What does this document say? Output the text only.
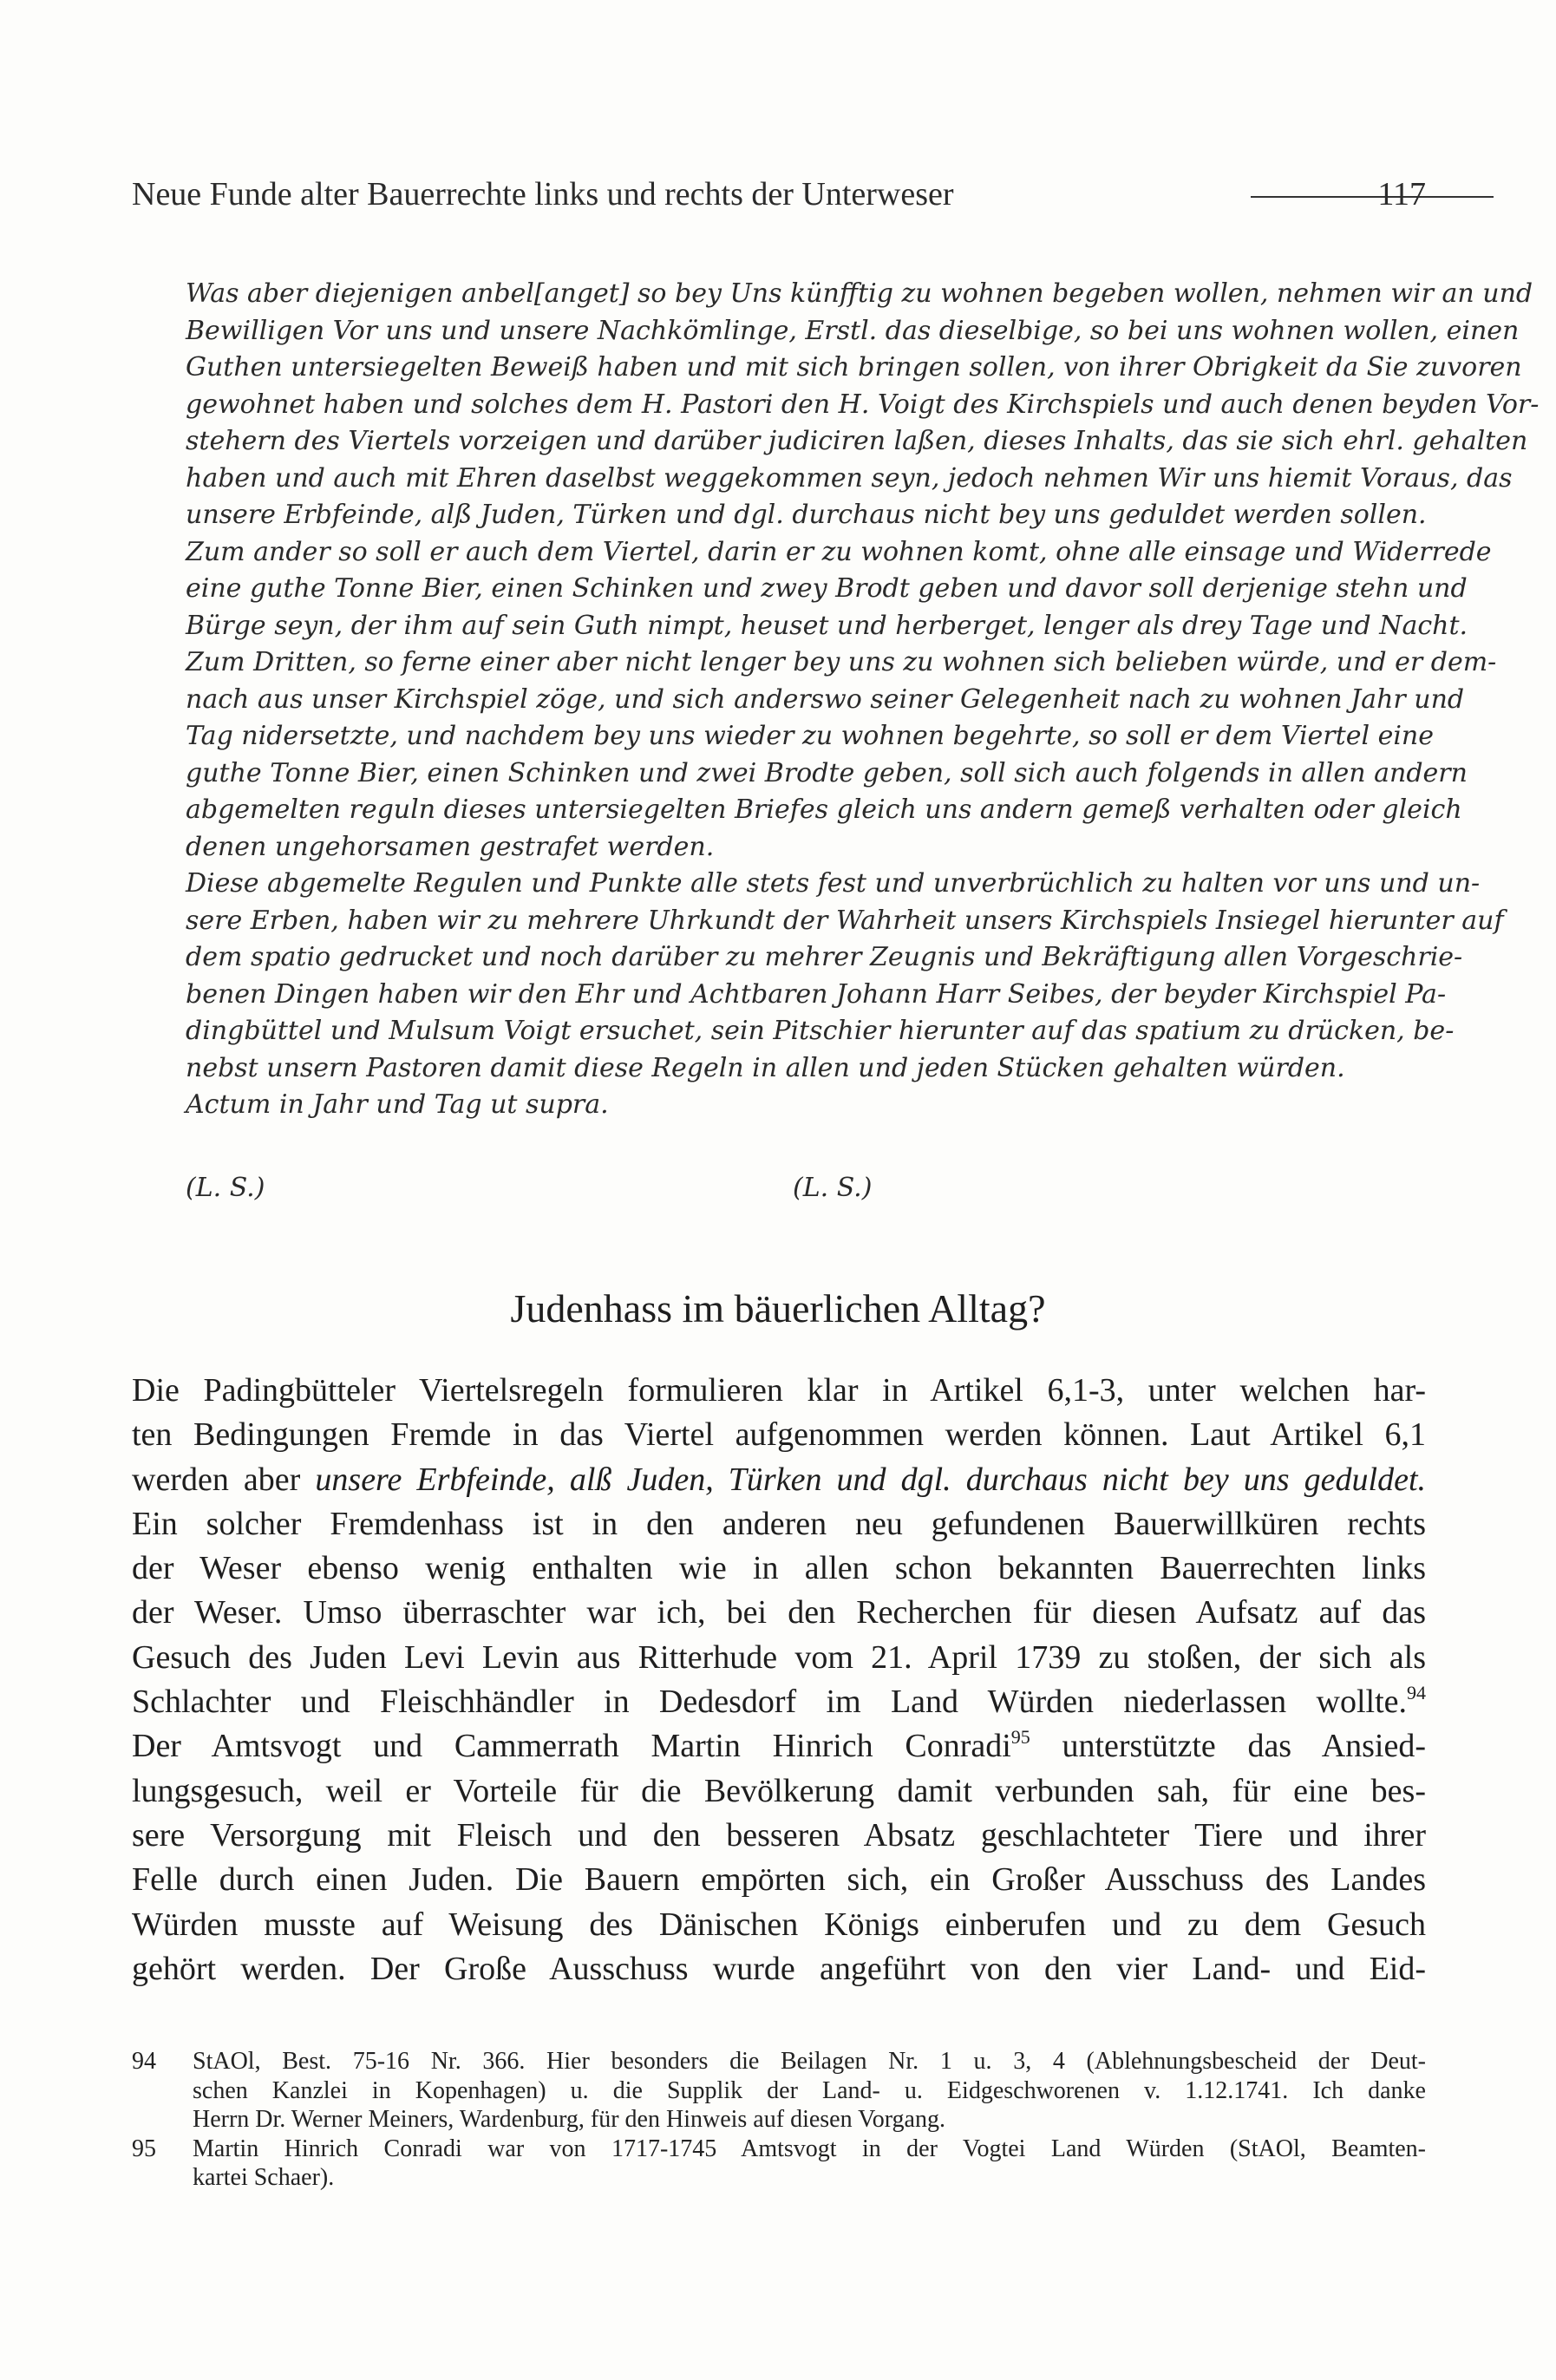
Neue Funde alter Bauerrechte links und rechts der Unterweser	117
Was aber diejenigen anbel[anget] so bey Uns künfftig zu wohnen begeben wollen, nehmen wir an und
Bewilligen Vor uns und unsere Nachkömlinge, Erstl. das dieselbige, so bei uns wohnen wollen, einen
Guthen untersiegelten Beweiß haben und mit sich bringen sollen, von ihrer Obrigkeit da Sie zuvoren
gewohnet haben und solches dem H. Pastori den H. Voigt des Kirchspiels und auch denen beyden Vor-
stehern des Viertels vorzeigen und darüber judiciren laßen, dieses Inhalts, das sie sich ehrl. gehalten
haben und auch mit Ehren daselbst weggekommen seyn, jedoch nehmen Wir uns hiemit Voraus, das
unsere Erbfeinde, alß Juden, Türken und dgl. durchaus nicht bey uns geduldet werden sollen.
Zum ander so soll er auch dem Viertel, darin er zu wohnen komt, ohne alle einsage und Widerrede
eine guthe Tonne Bier, einen Schinken und zwey Brodt geben und davor soll derjenige stehn und
Bürge seyn, der ihm auf sein Guth nimpt, heuset und herberget, lenger als drey Tage und Nacht.
Zum Dritten, so ferne einer aber nicht lenger bey uns zu wohnen sich belieben würde, und er dem-
nach aus unser Kirchspiel zöge, und sich anderswo seiner Gelegenheit nach zu wohnen Jahr und
Tag nidersetzte, und nachdem bey uns wieder zu wohnen begehrte, so soll er dem Viertel eine
guthe Tonne Bier, einen Schinken und zwei Brodte geben, soll sich auch folgends in allen andern
abgemelten reguln dieses untersiegelten Briefes gleich uns andern gemeß verhalten oder gleich
denen ungehorsamen gestrafet werden.
Diese abgemelte Regulen und Punkte alle stets fest und unverbrüchlich zu halten vor uns und un-
sere Erben, haben wir zu mehrere Uhrkundt der Wahrheit unsers Kirchspiels Insiegel hierunter auf
dem spatio gedrucket und noch darüber zu mehrer Zeugnis und Bekräftigung allen Vorgeschrie-
benen Dingen haben wir den Ehr und Achtbaren Johann Harr Seibes, der beyder Kirchspiel Pa-
dingbüttel und Mulsum Voigt ersuchet, sein Pitschier hierunter auf das spatium zu drücken, be-
nebst unsern Pastoren damit diese Regeln in allen und jeden Stücken gehalten würden.
Actum in Jahr und Tag ut supra.
(L. S.)	(L. S.)
Judenhass im bäuerlichen Alltag?
Die Padingbütteler Viertelsregeln formulieren klar in Artikel 6,1-3, unter welchen har-
ten Bedingungen Fremde in das Viertel aufgenommen werden können. Laut Artikel 6,1
werden aber unsere Erbfeinde, alß Juden, Türken und dgl. durchaus nicht bey uns geduldet.
Ein solcher Fremdenhass ist in den anderen neu gefundenen Bauerwillküren rechts
der Weser ebenso wenig enthalten wie in allen schon bekannten Bauerrechten links
der Weser. Umso überraschter war ich, bei den Recherchen für diesen Aufsatz auf das
Gesuch des Juden Levi Levin aus Ritterhude vom 21. April 1739 zu stoßen, der sich als
Schlachter und Fleischhändler in Dedesdorf im Land Würden niederlassen wollte.$^{94}$
Der Amtsvogt und Cammerrath Martin Hinrich Conradi$^{95}$ unterstützte das Ansied-
lungsgesuch, weil er Vorteile für die Bevölkerung damit verbunden sah, für eine bes-
sere Versorgung mit Fleisch und den besseren Absatz geschlachteter Tiere und ihrer
Felle durch einen Juden. Die Bauern empörten sich, ein Großer Ausschuss des Landes
Würden musste auf Weisung des Dänischen Königs einberufen und zu dem Gesuch
gehört werden. Der Große Ausschuss wurde angeführt von den vier Land- und Eid-
94 StAOl, Best. 75-16 Nr. 366. Hier besonders die Beilagen Nr. 1 u. 3, 4 (Ablehnungsbescheid der Deut-
schen Kanzlei in Kopenhagen) u. die Supplik der Land- u. Eidgeschworenen v. 1.12.1741. Ich danke
Herrn Dr. Werner Meiners, Wardenburg, für den Hinweis auf diesen Vorgang.
95 Martin Hinrich Conradi war von 1717-1745 Amtsvogt in der Vogtei Land Würden (StAOl, Beamten-
kartei Schaer).
